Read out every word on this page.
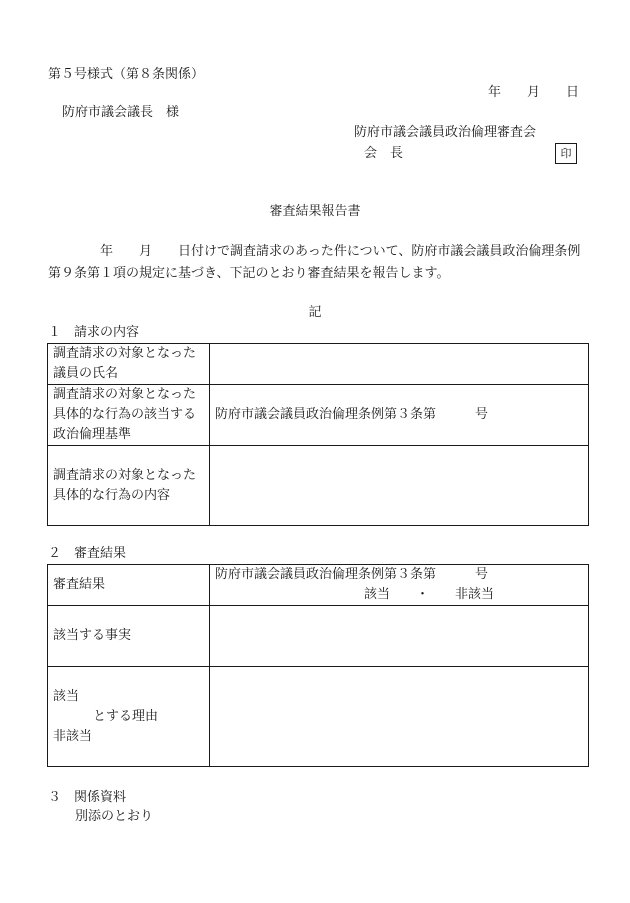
第５号様式（第８条関係）
年　　月　　日
防府市議会議長　様
防府市議会議員政治倫理審査会
会　長	印
審査結果報告書
　　　　年　　月　　日付けで調査請求のあった件について、防府市議会議員政治倫理条例第９条第１項の規定に基づき、下記のとおり審査結果を報告します。
記
１　請求の内容
調査請求の対象となった議員の氏名	
調査請求の対象となった具体的な行為の該当する政治倫理基準	防府市議会議員政治倫理条例第３条第　　　号
調査請求の対象となった具体的な行為の内容	
２　審査結果
審査結果	防府市議会議員政治倫理条例第３条第　　　号
該当　　・　　非該当

該当する事実	

該当
とする理由
非該当	

３　関係資料
別添のとおり
